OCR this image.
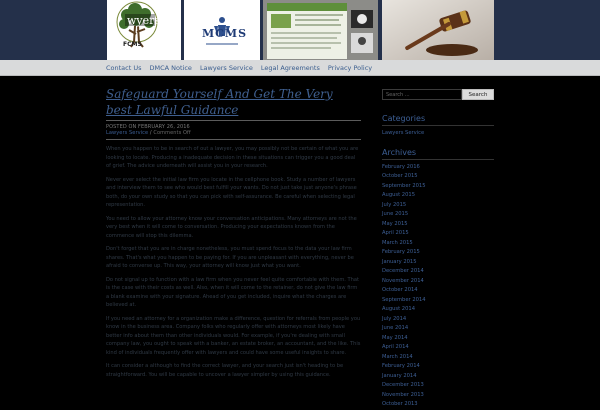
wyers
FCMS
MCMS
Contact Us	DMCA Notice	Lawyers Service	Legal Agreements	Privacy Policy
Safeguard Yourself And Get The Very best Lawful Guidance
POSTED ON FEBRUARY 26, 2016
Lawyers Service / Comments Off

When you happen to be in search of out a lawyer, you may possibly not be certain of what you are looking to locate. Producing a inadequate decision in these situations can trigger you a good deal of grief. The advice underneath will assist you in your research.

Never ever select the initial law firm you locate in the cellphone book. Study a number of lawyers and interview them to see who would best fulfill your wants. Do not just take just anyone's phrase both, do your own study so that you can pick with self-assurance. Be careful when selecting legal representation.

You need to allow your attorney know your conversation anticipations. Many attorneys are not the very best when it will come to conversation. Producing your expectations known from the commence will stop this dilemma.

Don't forget that you are in charge nonetheless, you must spend focus to the data your law firm shares. That's what you happen to be paying for. If you are unpleasant with everything, never be afraid to converse up. This way, your attorney will know just what you want.

Do not signal up to function with a law firm when you never feel quite comfortable with them. That is the case with their costs as well. Also, when it will come to the retainer, do not give the law firm a blank examine with your signature. Ahead of you get included, inquire what the charges are believed at.

If you need an attorney for a organization make a difference, question for referrals from people you know in the business area. Company folks who regularly offer with attorneys most likely have better info about them than other individuals would. For example, if you're dealing with small company law, you ought to speak with a banker, an estate broker, an accountant, and the like. This kind of individuals frequently offer with lawyers and could have some useful insights to share.

It can consider a although to find the correct lawyer, and your search just isn't heading to be straightforward. You will be capable to uncover a lawyer simpler by using this guidance.

Search ...
Search
Categories
Lawyers Service
Archives
February 2016
October 2015
September 2015
August 2015
July 2015
June 2015
May 2015
April 2015
March 2015
February 2015
January 2015
December 2014
November 2014
October 2014
September 2014
August 2014
July 2014
June 2014
May 2014
April 2014
March 2014
February 2014
January 2014
December 2013
November 2013
October 2013
